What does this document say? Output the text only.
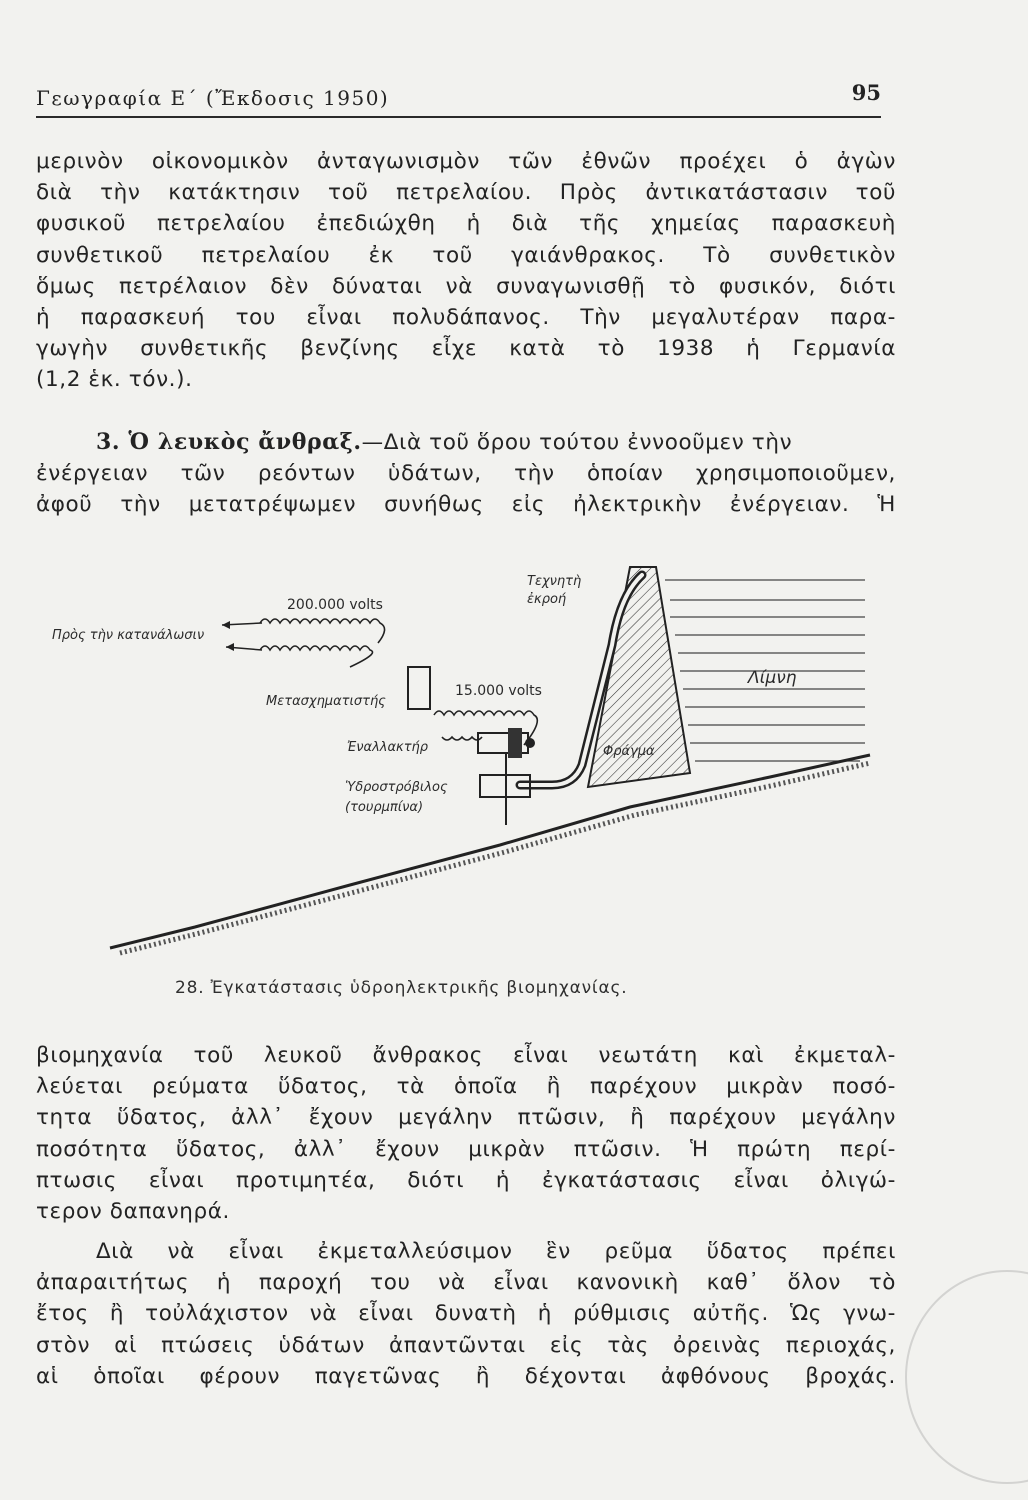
Γεωγραφία Ε΄ (Ἔκδοσις 1950)	95
μερινὸν οἰκονομικὸν ἀνταγωνισμὸν τῶν ἐθνῶν προέχει ὁ ἀγὼν
διὰ τὴν κατάκτησιν τοῦ πετρελαίου. Πρὸς ἀντικατάστασιν τοῦ
φυσικοῦ πετρελαίου ἐπεδιώχθη ἡ διὰ τῆς χημείας παρασκευὴ
συνθετικοῦ πετρελαίου ἐκ τοῦ γαιάνθρακος. Τὸ συνθετικὸν
ὅμως πετρέλαιον δὲν δύναται νὰ συναγωνισθῇ τὸ φυσικόν, διότι
ἡ παρασκευή του εἶναι πολυδάπανος. Τὴν μεγαλυτέραν παρα-
γωγὴν συνθετικῆς βενζίνης εἶχε κατὰ τὸ 1938 ἡ Γερμανία
(1,2 ἑκ. τόν.).
3. Ὁ λευκὸς ἄνθραξ.—Διὰ τοῦ ὅρου τούτου ἐννοοῦμεν τὴν
ἐνέργειαν τῶν ρεόντων ὑδάτων, τὴν ὁποίαν χρησιμοποιοῦμεν,
ἀφοῦ τὴν μετατρέψωμεν συνήθως εἰς ἠλεκτρικὴν ἐνέργειαν. Ἡ
Πρὸς τὴν κατανάλωσιν
200.000 volts
Μετασχηματιστής
15.000 volts
Ἐναλλακτήρ
Ὑδροστρόβιλος
(τουρμπίνα)
Τεχνητὴ
ἐκροή
Φράγμα
Λίμνη
28. Ἐγκατάστασις ὑδροηλεκτρικῆς βιομηχανίας.
βιομηχανία τοῦ λευκοῦ ἄνθρακος εἶναι νεωτάτη καὶ ἐκμεταλ-
λεύεται ρεύματα ὕδατος, τὰ ὁποῖα ἢ παρέχουν μικρὰν ποσό-
τητα ὕδατος, ἀλλ᾽ ἔχουν μεγάλην πτῶσιν, ἢ παρέχουν μεγάλην
ποσότητα ὕδατος, ἀλλ᾽ ἔχουν μικρὰν πτῶσιν. Ἡ πρώτη περί-
πτωσις εἶναι προτιμητέα, διότι ἡ ἐγκατάστασις εἶναι ὀλιγώ-
τερον δαπανηρά.
Διὰ νὰ εἶναι ἐκμεταλλεύσιμον ἓν ρεῦμα ὕδατος πρέπει
ἀπαραιτήτως ἡ παροχή του νὰ εἶναι κανονικὴ καθ᾽ ὅλον τὸ
ἔτος ἢ τοὐλάχιστον νὰ εἶναι δυνατὴ ἡ ρύθμισις αὐτῆς. Ὡς γνω-
στὸν αἱ πτώσεις ὑδάτων ἀπαντῶνται εἰς τὰς ὀρεινὰς περιοχάς,
αἱ ὁποῖαι φέρουν παγετῶνας ἢ δέχονται ἀφθόνους βροχάς.
